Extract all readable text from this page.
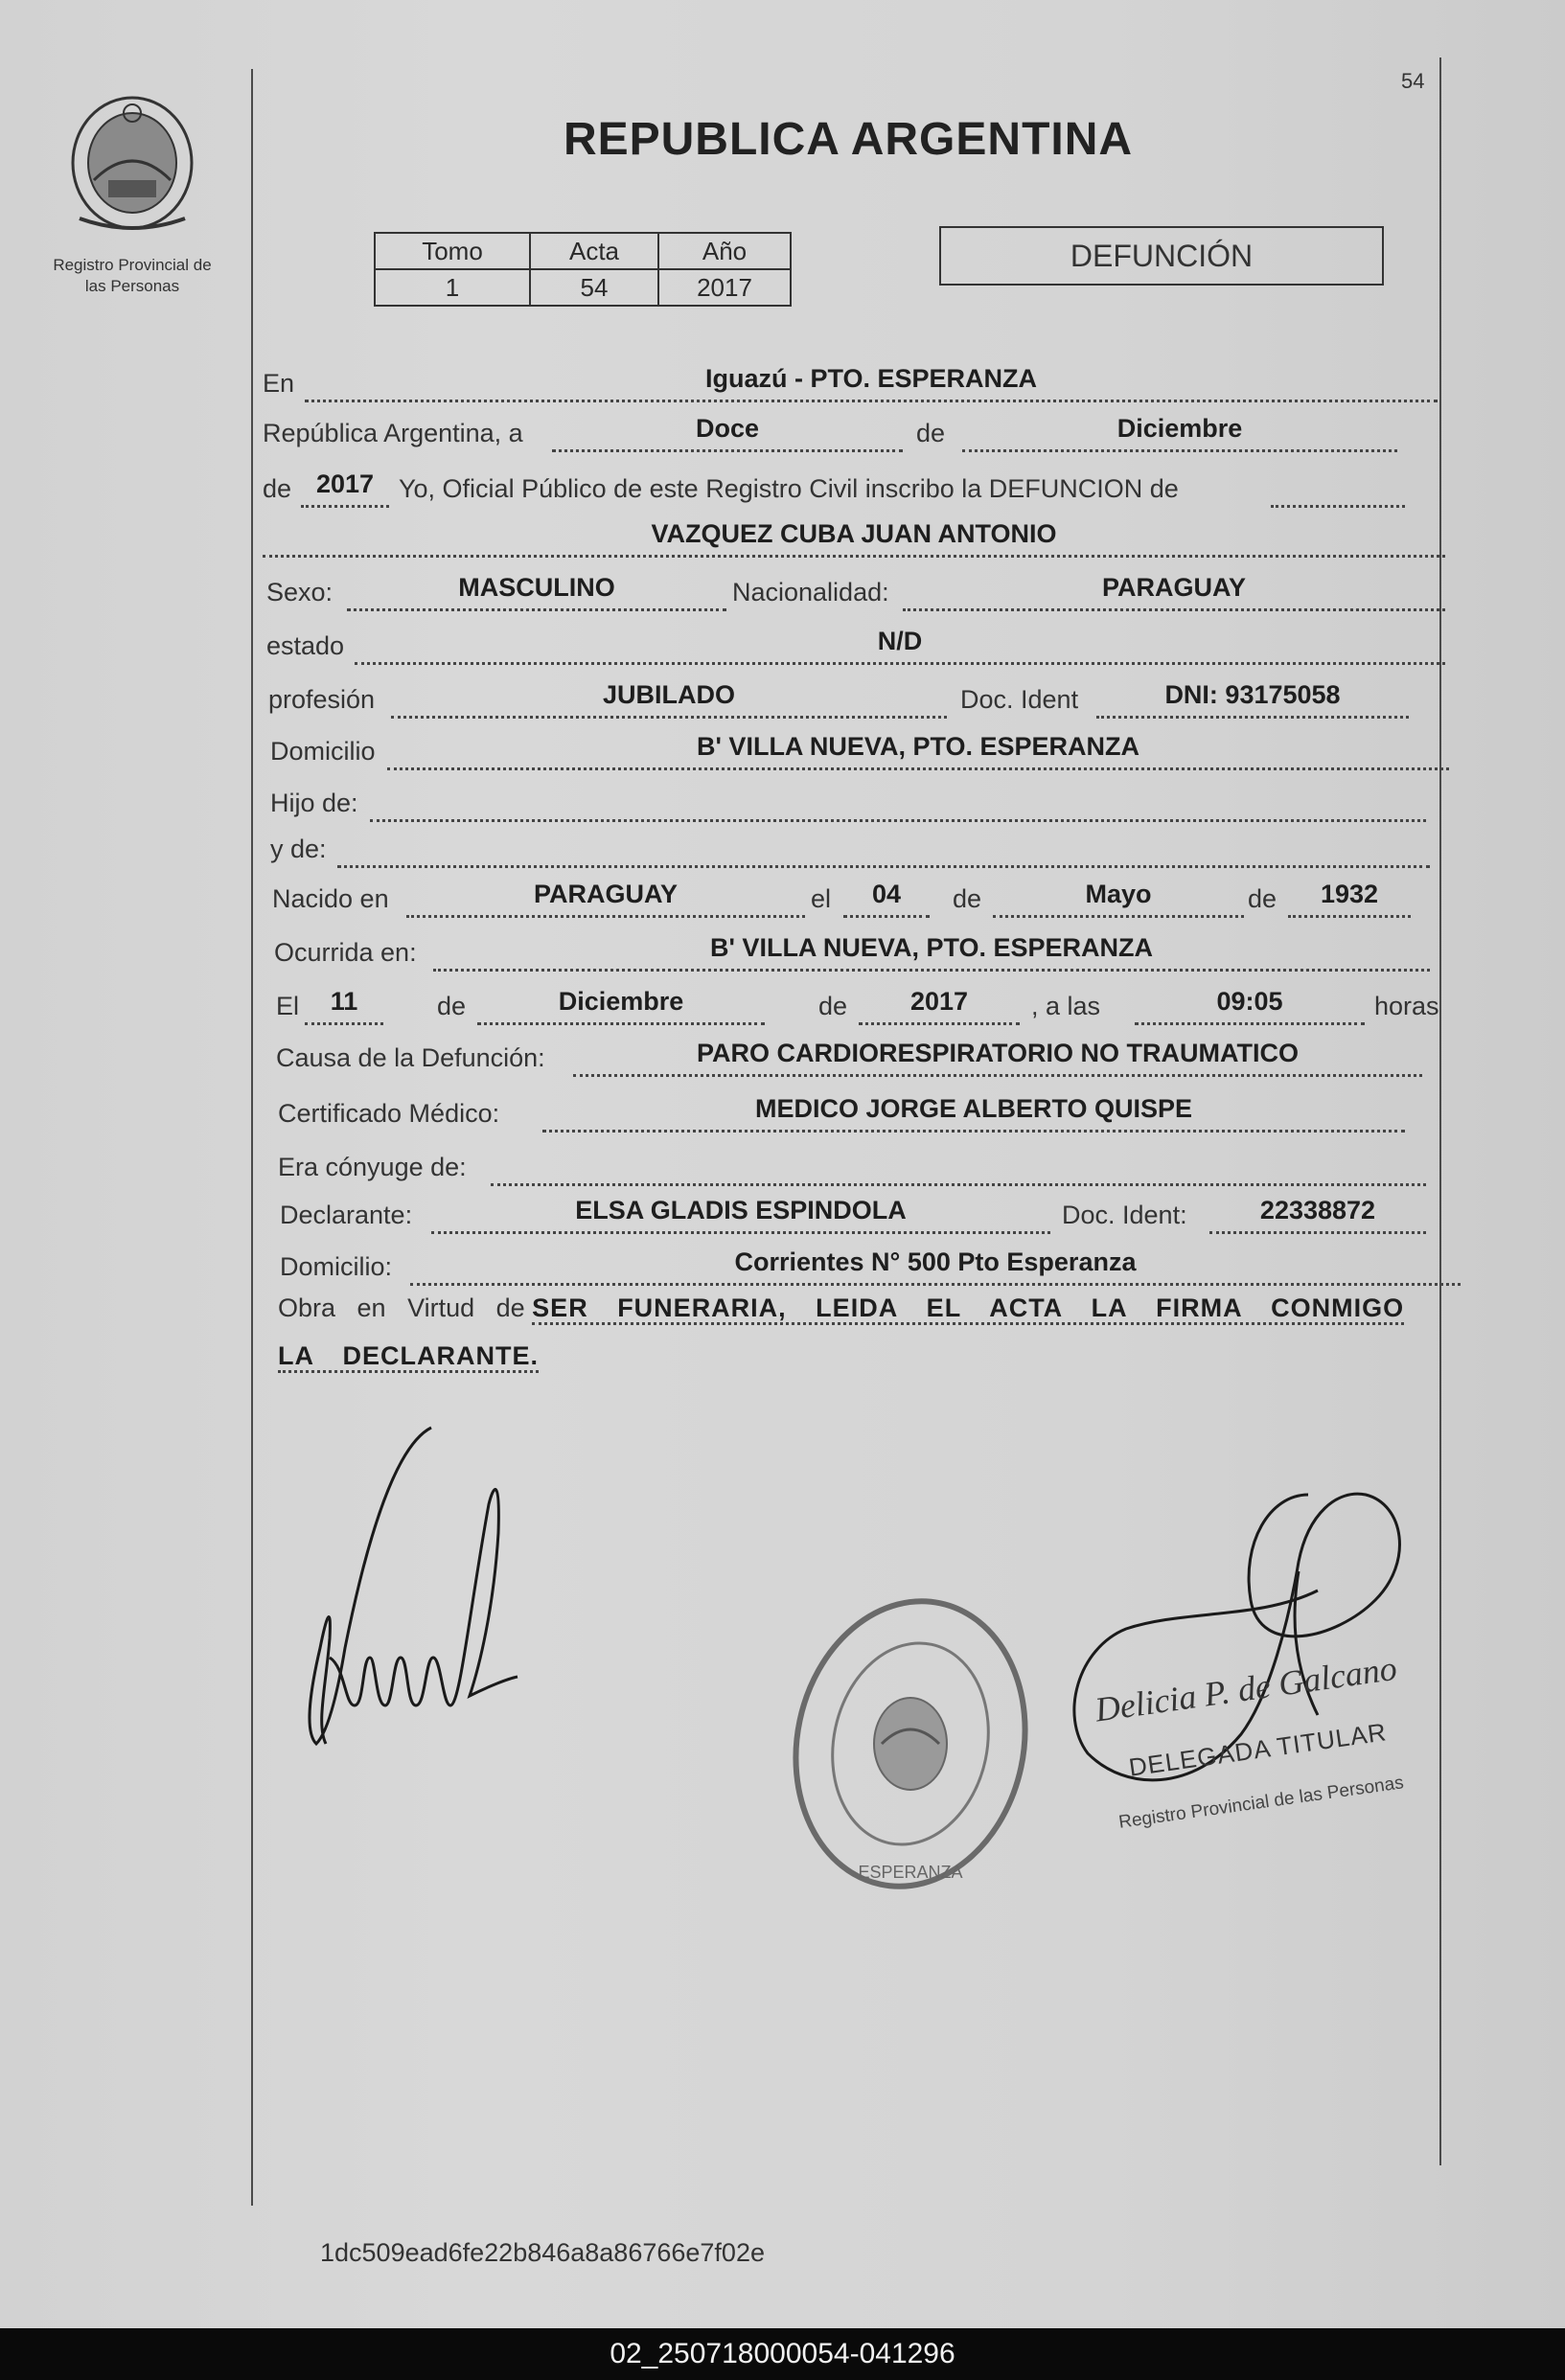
Registro Provincial de
las Personas
54
REPUBLICA ARGENTINA
Tomo	Acta	Año
1	54	2017
DEFUNCIÓN
En	Iguazú - PTO. ESPERANZA
República Argentina, a	Doce	de	Diciembre
de 2017 Yo, Oficial Público de este Registro Civil inscribo la DEFUNCION de
VAZQUEZ CUBA JUAN ANTONIO
Sexo:	MASCULINO	Nacionalidad:	PARAGUAY
estado	N/D
profesión	JUBILADO	Doc. Ident	DNI: 93175058
Domicilio	B' VILLA NUEVA, PTO. ESPERANZA
Hijo de:
y de:
Nacido en	PARAGUAY	el	04	de	Mayo	de	1932
Ocurrida en:	B' VILLA NUEVA, PTO. ESPERANZA
El	11	de	Diciembre	de	2017	, a las	09:05	horas
Causa de la Defunción:	PARO CARDIORESPIRATORIO NO TRAUMATICO
Certificado Médico:	MEDICO JORGE ALBERTO QUISPE
Era cónyuge de:
Declarante:	ELSA GLADIS ESPINDOLA	Doc. Ident:	22338872
Domicilio:	Corrientes N° 500 Pto Esperanza
Obra   en   Virtud   de SER FUNERARIA, LEIDA EL ACTA LA FIRMA CONMIGO LA DECLARANTE.
ESPERANZA
Delicia P. de Galcano
DELEGADA TITULAR
Registro Provincial de las Personas
1dc509ead6fe22b846a8a86766e7f02e
02_250718000054-041296
